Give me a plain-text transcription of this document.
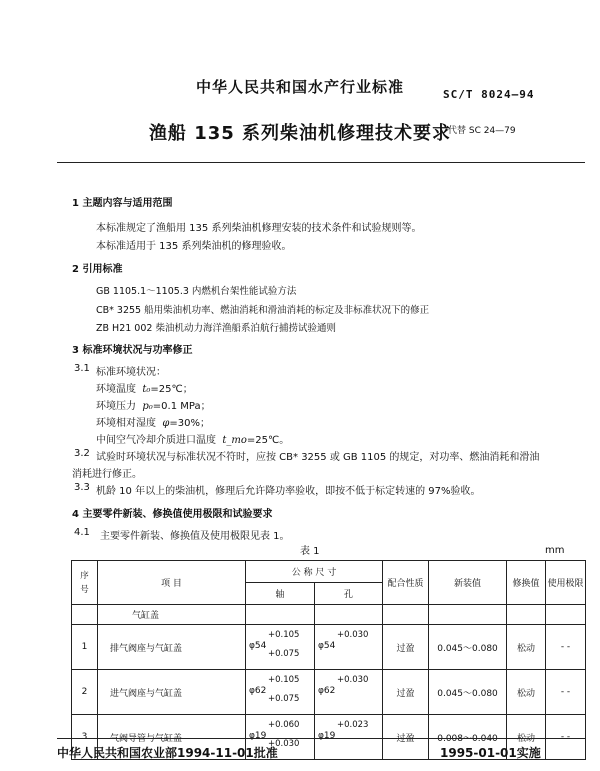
中华人民共和国水产行业标准	SC/T 8024—94
渔船 135 系列柴油机修理技术要求
代替 SC 24—79
1 主题内容与适用范围
本标准规定了渔船用 135 系列柴油机修理安装的技术条件和试验规则等。
本标准适用于 135 系列柴油机的修理验收。
2 引用标准
GB 1105.1～1105.3 内燃机台架性能试验方法
CB* 3255 船用柴油机功率、燃油消耗和滑油消耗的标定及非标准状况下的修正
ZB H21 002 柴油机动力海洋渔船系泊航行捕捞试验通则
3 标准环境状况与功率修正
3.1 标准环境状况：
环境温度 t₀=25℃；
环境压力 p₀=0.1 MPa；
环境相对湿度 φ=30%；
中间空气冷却介质进口温度 t_mo=25℃。
3.2 试验时环境状况与标准状况不符时，应按 CB* 3255 或 GB 1105 的规定，对功率、燃油消耗和滑油
消耗进行修正。
3.3 机龄 10 年以上的柴油机，修理后允许降功率验收，即按不低于标定转速的 97%验收。
4 主要零件新装、修换值使用极限和试验要求
4.1 主要零件新装、修换值及使用极限见表 1。
表 1	mm
序号	项 目	公 称 尺 寸		配合性质	新装值	修换值	使用极限
		轴	孔				
	气缸盖						
1	排气阀座与气缸盖	φ54
+0.105
+0.075	φ54
+0.030	过盈	0.045～0.080	松动	- -
2	进气阀座与气缸盖	φ62
+0.105
+0.075	φ62
+0.030	过盈	0.045～0.080	松动	- -
3	气阀导管与气缸盖	φ19
+0.060
+0.030	φ19
+0.023	过盈	0.008～0.040	松动	- -
中华人民共和国农业部1994-11-01批准	1995-01-01实施
